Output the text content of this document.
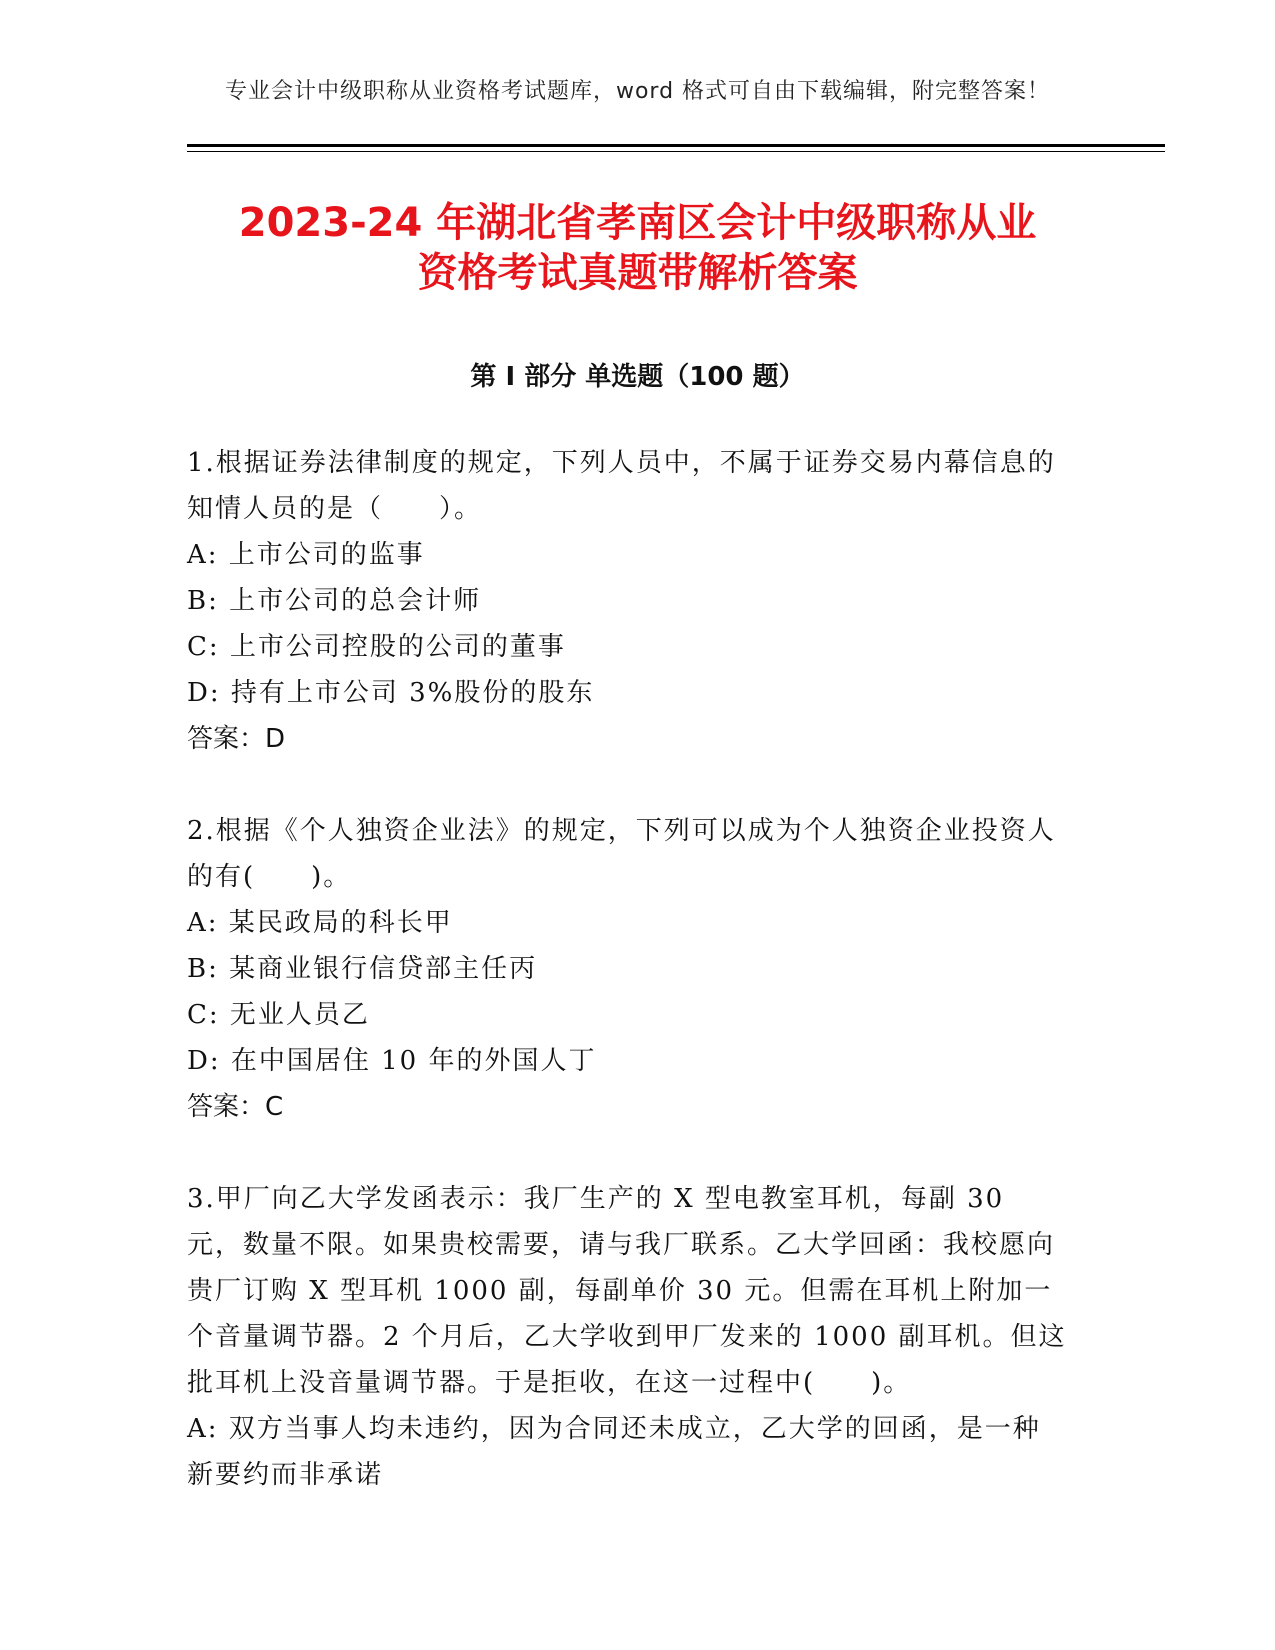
专业会计中级职称从业资格考试题库，word 格式可自由下载编辑，附完整答案！
2023-24 年湖北省孝南区会计中级职称从业
资格考试真题带解析答案
第 I 部分 单选题（100 题）
1.根据证券法律制度的规定，下列人员中，不属于证券交易内幕信息的知情人员的是（　　）。
A: 上市公司的监事
B: 上市公司的总会计师
C: 上市公司控股的公司的董事
D: 持有上市公司 3%股份的股东
答案：D
2.根据《个人独资企业法》的规定，下列可以成为个人独资企业投资人的有(　　)。
A: 某民政局的科长甲
B: 某商业银行信贷部主任丙
C: 无业人员乙
D: 在中国居住 10 年的外国人丁
答案：C
3.甲厂向乙大学发函表示：我厂生产的 X 型电教室耳机，每副 30 元，数量不限。如果贵校需要，请与我厂联系。乙大学回函：我校愿向贵厂订购 X 型耳机 1000 副，每副单价 30 元。但需在耳机上附加一个音量调节器。2 个月后，乙大学收到甲厂发来的 1000 副耳机。但这批耳机上没音量调节器。于是拒收，在这一过程中(　　)。
A: 双方当事人均未违约，因为合同还未成立，乙大学的回函，是一种新要约而非承诺
